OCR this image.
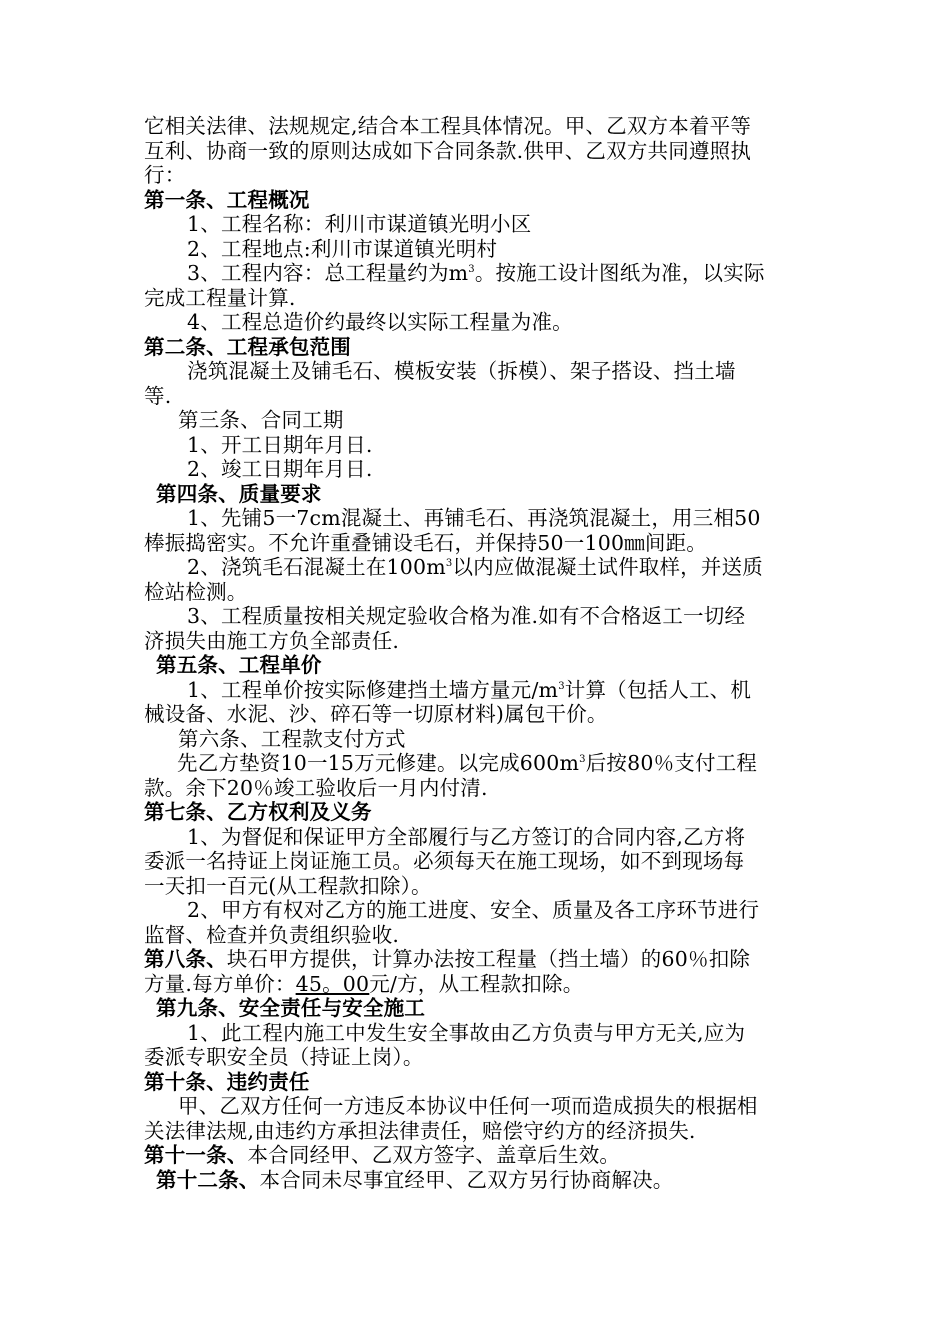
它相关法律、法规规定,结合本工程具体情况。甲、乙双方本着平等
互利、协商一致的原则达成如下合同条款.供甲、乙双方共同遵照执
行：
第一条、工程概况
1、工程名称：利川市谋道镇光明小区
2、工程地点:利川市谋道镇光明村
3、工程内容：总工程量约为$m^3$。按施工设计图纸为准，以实际
完成工程量计算.
4、工程总造价约最终以实际工程量为准。
第二条、工程承包范围
浇筑混凝土及铺毛石、模板安装（拆模）、架子搭设、挡土墙
等.
第三条、合同工期
1、开工日期年月日.
2、竣工日期年月日.
第四条、质量要求
1、先铺5一7cm混凝土、再铺毛石、再浇筑混凝土，用三相50
棒振捣密实。不允许重叠铺设毛石，并保持50一100㎜间距。
2、浇筑毛石混凝土在$100m^3$以内应做混凝土试件取样，并送质
检站检测。
3、工程质量按相关规定验收合格为准.如有不合格返工一切经
济损失由施工方负全部责任.
第五条、工程单价
1、工程单价按实际修建挡土墙方量元$/m^3$计算（包括人工、机
械设备、水泥、沙、碎石等一切原材料)属包干价。
第六条、工程款支付方式
先乙方垫资10一15万元修建。以完成$600m^3$后按80％支付工程
款。余下20％竣工验收后一月内付清.
第七条、乙方权利及义务
1、为督促和保证甲方全部履行与乙方签订的合同内容,乙方将
委派一名持证上岗证施工员。必须每天在施工现场，如不到现场每
一天扣一百元(从工程款扣除）。
2、甲方有权对乙方的施工进度、安全、质量及各工序环节进行
监督、检查并负责组织验收.
第八条、块石甲方提供，计算办法按工程量（挡土墙）的60％扣除
方量.每方单价：45。00元/方，从工程款扣除。
第九条、安全责任与安全施工
1、此工程内施工中发生安全事故由乙方负责与甲方无关,应为
委派专职安全员（持证上岗）。
第十条、违约责任
甲、乙双方任何一方违反本协议中任何一项而造成损失的根据相
关法律法规,由违约方承担法律责任，赔偿守约方的经济损失.
第十一条、本合同经甲、乙双方签字、盖章后生效。
第十二条、本合同未尽事宜经甲、乙双方另行协商解决。
